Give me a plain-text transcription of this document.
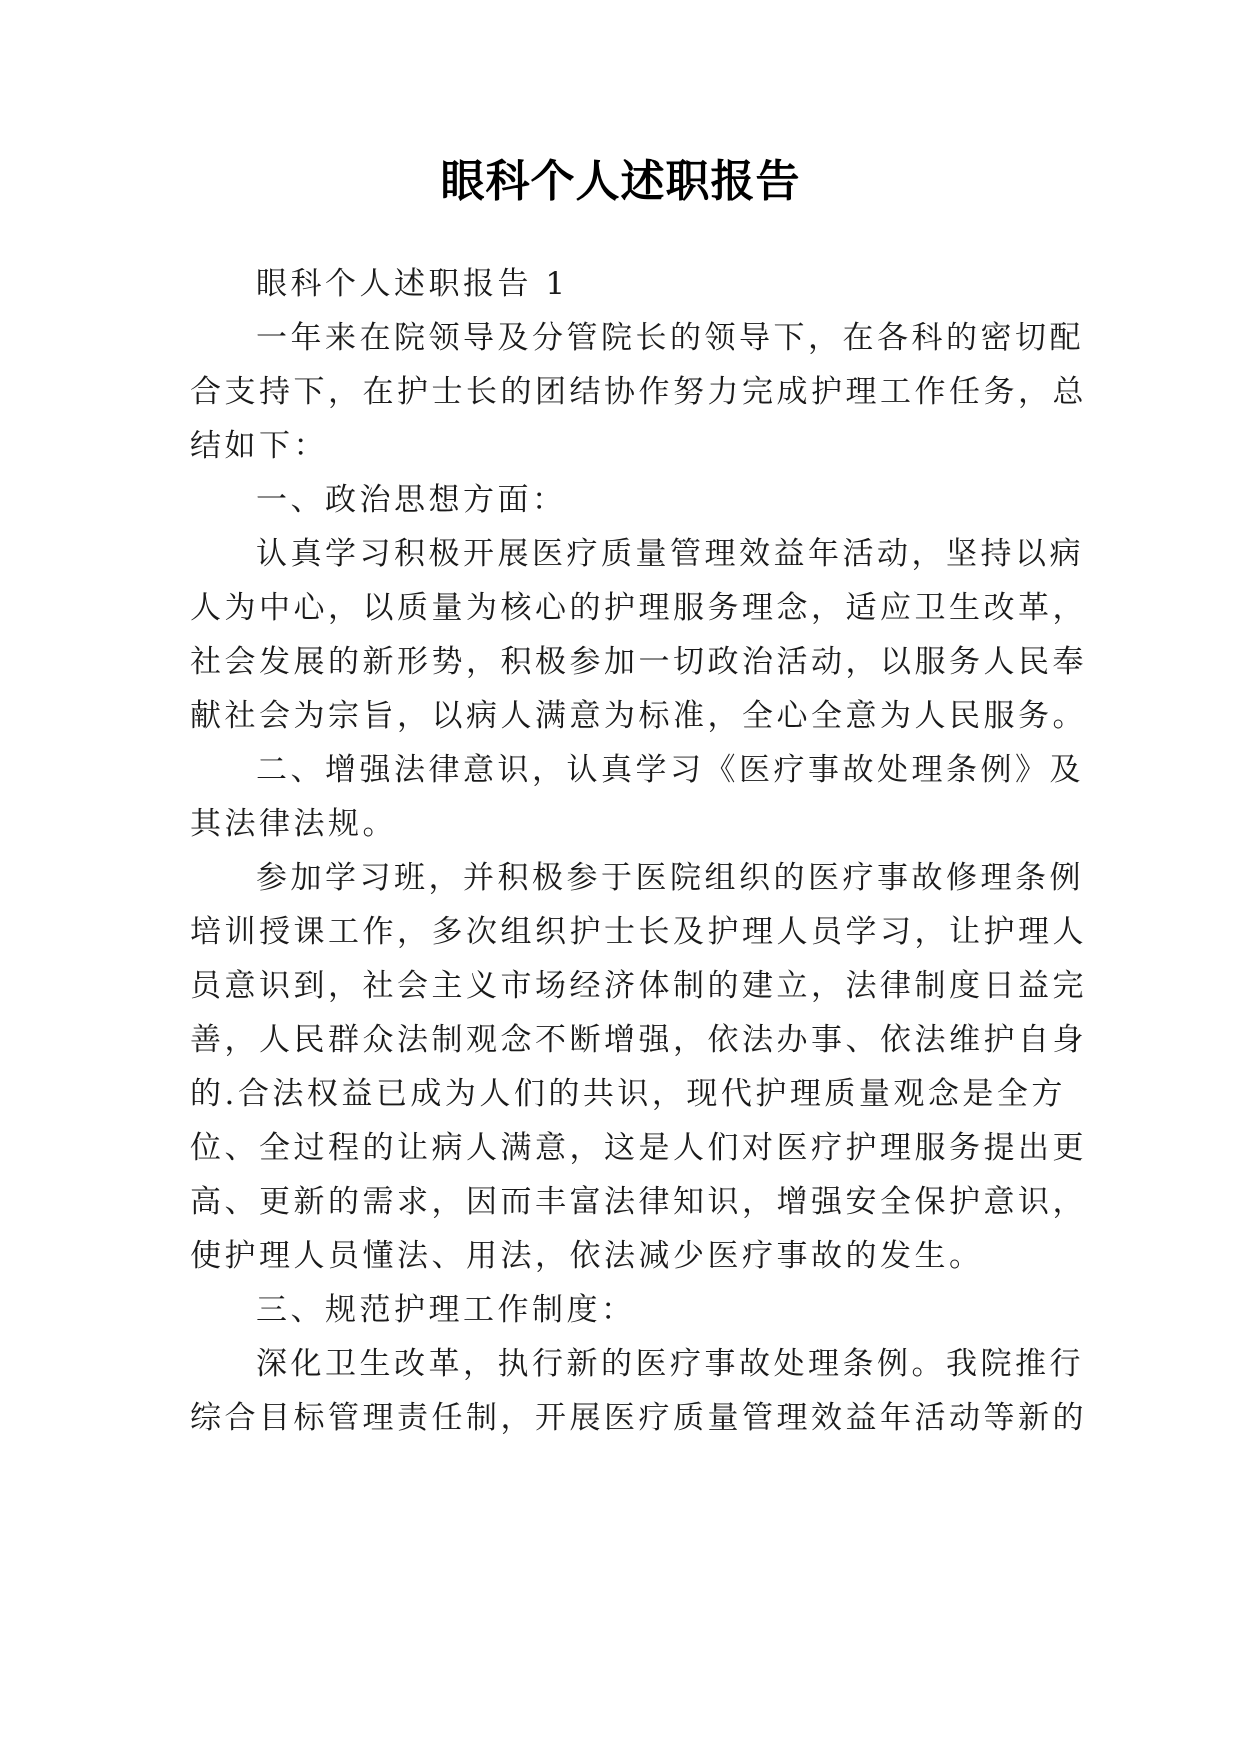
眼科个人述职报告

眼科个人述职报告 1

一年来在院领导及分管院长的领导下，在各科的密切配

合支持下，在护士长的团结协作努力完成护理工作任务，总

结如下：

一、政治思想方面：

认真学习积极开展医疗质量管理效益年活动，坚持以病

人为中心，以质量为核心的护理服务理念，适应卫生改革，

社会发展的新形势，积极参加一切政治活动，以服务人民奉

献社会为宗旨，以病人满意为标准，全心全意为人民服务。

二、增强法律意识，认真学习《医疗事故处理条例》及

其法律法规。

参加学习班，并积极参于医院组织的医疗事故修理条例

培训授课工作，多次组织护士长及护理人员学习，让护理人

员意识到，社会主义市场经济体制的建立，法律制度日益完

善，人民群众法制观念不断增强，依法办事、依法维护自身

的.合法权益已成为人们的共识，现代护理质量观念是全方

位、全过程的让病人满意，这是人们对医疗护理服务提出更

高、更新的需求，因而丰富法律知识，增强安全保护意识，

使护理人员懂法、用法，依法减少医疗事故的发生。

三、规范护理工作制度：

深化卫生改革，执行新的医疗事故处理条例。我院推行

综合目标管理责任制，开展医疗质量管理效益年活动等新的
